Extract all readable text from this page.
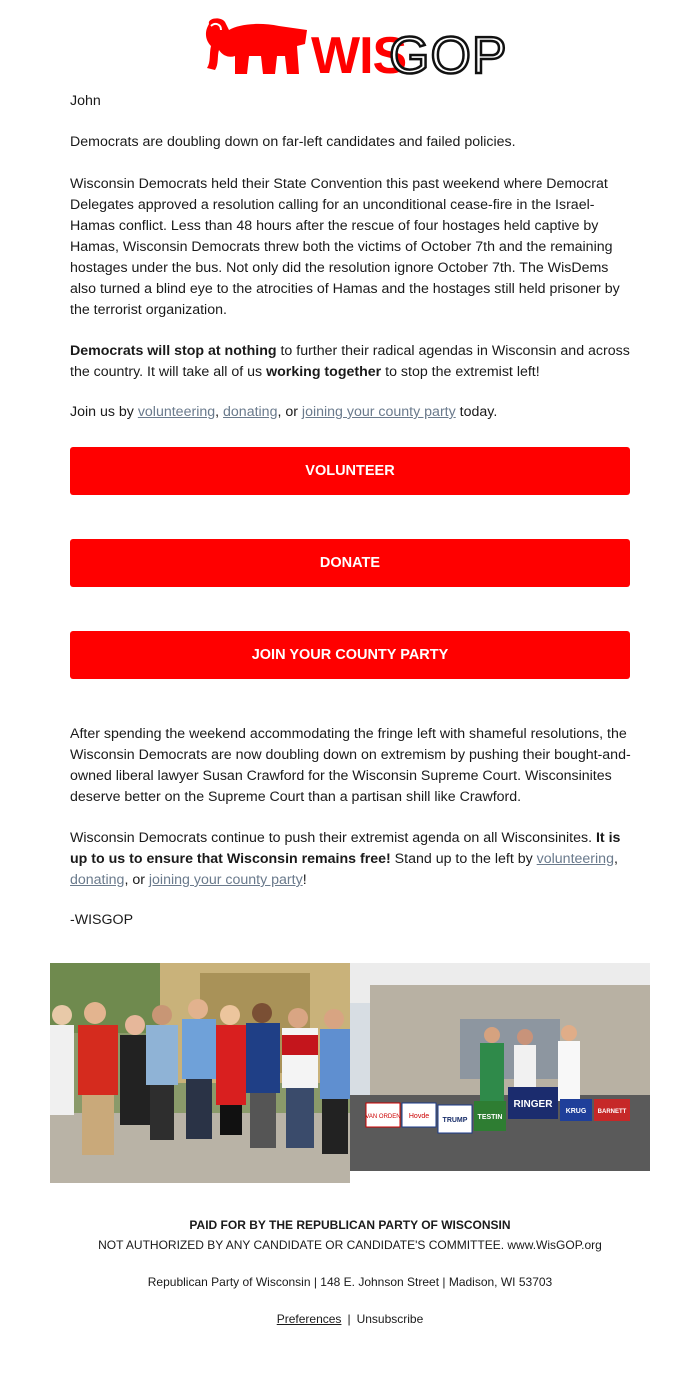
WIS
GOP

John

Democrats are doubling down on far-left candidates and failed policies.

Wisconsin Democrats held their State Convention this past weekend where Democrat Delegates approved a resolution calling for an unconditional cease-fire in the Israel-Hamas conflict. Less than 48 hours after the rescue of four hostages held captive by Hamas, Wisconsin Democrats threw both the victims of October 7th and the remaining hostages under the bus. Not only did the resolution ignore October 7th. The WisDems also turned a blind eye to the atrocities of Hamas and the hostages still held prisoner by the terrorist organization.

Democrats will stop at nothing to further their radical agendas in Wisconsin and across the country. It will take all of us working together to stop the extremist left!

Join us by volunteering, donating, or joining your county party today.

VOLUNTEER
DONATE
JOIN YOUR COUNTY PARTY

After spending the weekend accommodating the fringe left with shameful resolutions, the Wisconsin Democrats are now doubling down on extremism by pushing their bought-and-owned liberal lawyer Susan Crawford for the Wisconsin Supreme Court. Wisconsinites deserve better on the Supreme Court than a partisan shill like Crawford.

Wisconsin Democrats continue to push their extremist agenda on all Wisconsinites. It is up to us to ensure that Wisconsin remains free! Stand up to the left by volunteering, donating, or joining your county party!

-WISGOP

VAN ORDEN Hovde
TRUMP TESTIN
RINGER
KRUG BARNETT
PAID FOR BY THE REPUBLICAN PARTY OF WISCONSIN
NOT AUTHORIZED BY ANY CANDIDATE OR CANDIDATE'S COMMITTEE. www.WisGOP.org
Republican Party of Wisconsin | 148 E. Johnson Street | Madison, WI 53703
Preferences | Unsubscribe
